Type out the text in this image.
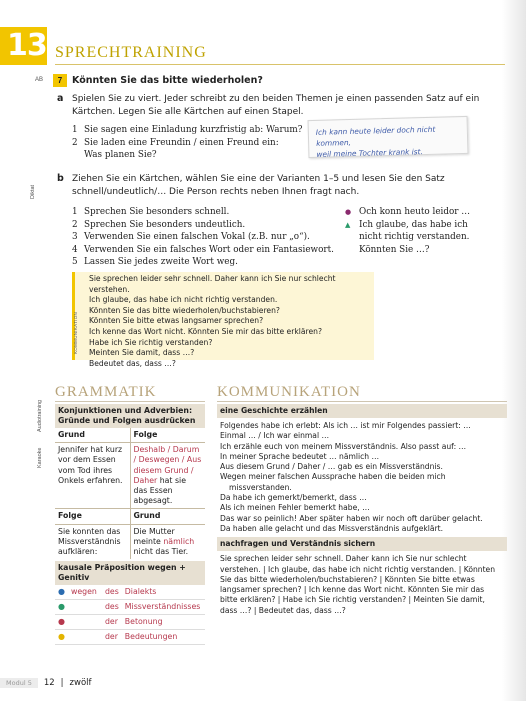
13 SPRECHTRAINING
AB	7	Könnten Sie das bitte wiederholen?
a Spielen Sie zu viert. Jeder schreibt zu den beiden Themen je einen passenden Satz auf ein
Kärtchen. Legen Sie alle Kärtchen auf einen Stapel.
1 Sie sagen eine Einladung kurzfristig ab: Warum?
2 Sie laden eine Freundin / einen Freund ein:
Was planen Sie?
Ich kann heute leider doch nicht kommen,
weil meine Tochter krank ist.
Diktat
b Ziehen Sie ein Kärtchen, wählen Sie eine der Varianten 1–5 und lesen Sie den Satz
schnell/undeutlich/… Die Person rechts neben Ihnen fragt nach.
1 Sprechen Sie besonders schnell.
2 Sprechen Sie besonders undeutlich.
3 Verwenden Sie einen falschen Vokal (z.B. nur „o“).
4 Verwenden Sie ein falsches Wort oder ein Fantasiewort.
5 Lassen Sie jedes zweite Wort weg.
● Och konn heuto leidor …
▲ Ich glaube, das habe ich
nicht richtig verstanden.
Könnten Sie …?
Sie sprechen leider sehr schnell. Daher kann ich Sie nur schlecht verstehen.
Ich glaube, das habe ich nicht richtig verstanden.
Könnten Sie das bitte wiederholen/buchstabieren?
Könnten Sie bitte etwas langsamer sprechen?
Ich kenne das Wort nicht. Könnten Sie mir das bitte erklären?
Habe ich Sie richtig verstanden?
Meinten Sie damit, dass …?
Bedeutet das, dass …?
KOMMUNIKATION
GRAMMATIK	KOMMUNIKATION
Audiotraining
Karaoke
Konjunktionen und Adverbien:
Gründe und Folgen ausdrücken
Grund	Folge
Jennifer hat kurz vor dem Essen vom Tod ihres Onkels erfahren.	Deshalb / Darum / Deswegen / Aus diesem Grund / Daher hat sie das Essen abgesagt.
Folge	Grund
Sie konnten das Missverständnis aufklären:	Die Mutter meinte nämlich nicht das Tier.
kausale Präposition wegen + Genitiv
●	wegen	des	Dialekts
●		des	Missverständnisses
●		der	Betonung
●		der	Bedeutungen
eine Geschichte erzählen
Folgendes habe ich erlebt: Als ich … ist mir Folgendes passiert: …
Einmal … / Ich war einmal …
Ich erzähle euch von meinem Missverständnis. Also passt auf: …
In meiner Sprache bedeutet … nämlich …
Aus diesem Grund / Daher / … gab es ein Missverständnis.
Wegen meiner falschen Aussprache haben die beiden mich missverstanden.
Da habe ich gemerkt/bemerkt, dass …
Als ich meinen Fehler bemerkt habe, …
Das war so peinlich! Aber später haben wir noch oft darüber gelacht.
Da haben alle gelacht und das Missverständnis aufgeklärt.
nachfragen und Verständnis sichern
Sie sprechen leider sehr schnell. Daher kann ich Sie nur schlecht verstehen. | Ich glaube, das habe ich nicht richtig verstanden. | Könnten Sie das bitte wiederholen/buchstabieren? | Könnten Sie bitte etwas langsamer sprechen? | Ich kenne das Wort nicht. Könnten Sie mir das bitte erklären? | Habe ich Sie richtig verstanden? | Meinten Sie damit, dass …? | Bedeutet das, dass …?
Modul 5	12 | zwölf
